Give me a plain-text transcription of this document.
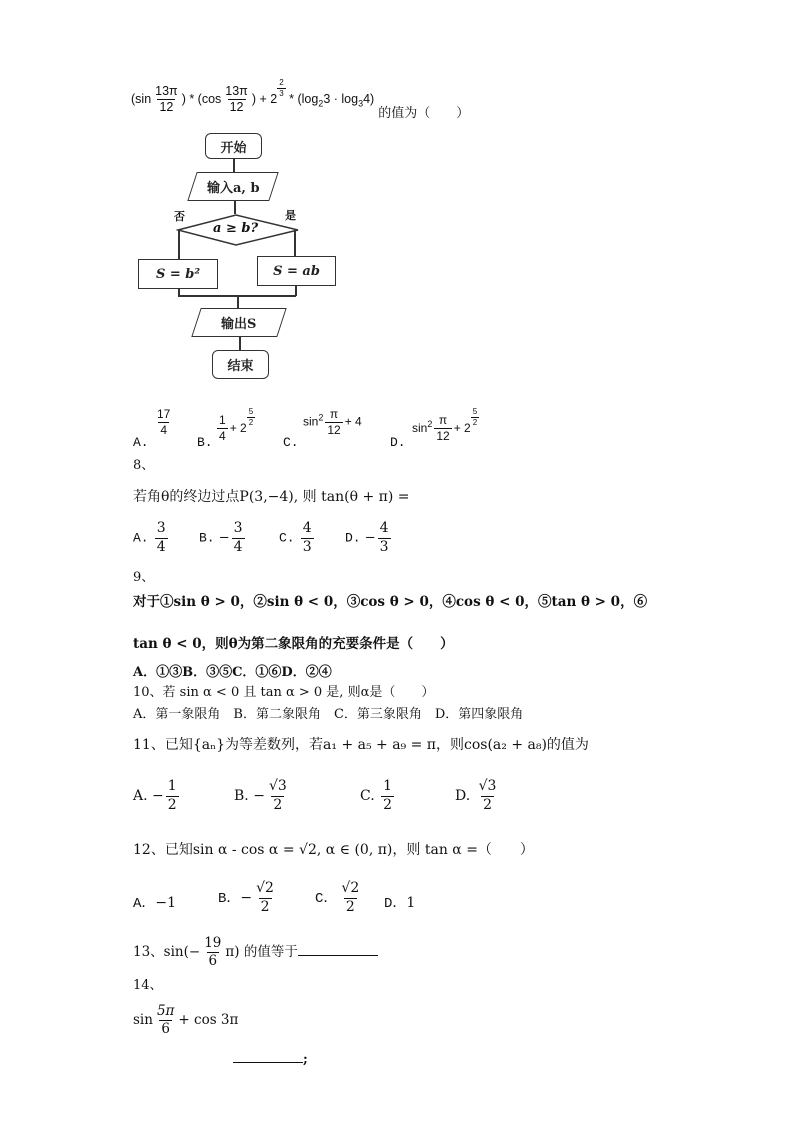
($\sin \frac{13\pi}{12}$ ) * ($\cos \frac{13\pi}{12}$ ) + $2 \frac{2}{3} * (\log_23 \cdot \log_34)$的值为（　　）
开始
输入a, b
a ≥ b?
否	是
S = b²	S = ab
输出S
结束
A.
$\frac{17}{4}$
B. $\frac{1}{4} + 2 \frac{5}{2}$
C.
$\sin^2 \frac{\pi}{12} + 4$
D.
$\sin^2 \frac{\pi}{12} + 2 \frac{5}{2}$
8、
若角θ的终边过点P(3,−4), 则 tan(θ + π) =
A. $\frac{3}{4} B$. − $\frac{3}{4}$	C. $\frac{4}{3} D$. − $\frac{4}{3}$
9、
对于①sin θ > 0，②sin θ < 0，③cos θ > 0，④cos θ < 0，⑤tan θ > 0，⑥
tan θ < 0，则θ为第二象限角的充要条件是（　　）
A．①③B．③⑤C．①⑥D．②④
10、若 sin α < 0 且 tan α > 0 是, 则α是（　　）
A．第一象限角　B．第二象限角　C．第三象限角　D．第四象限角
11、已知{aₙ}为等差数列，若a₁ + a₅ + a₉ = π，则cos(a₂ + a₈)的值为
A. − $\frac{1}{2}$	B. − $\frac{√3}{2}$	C. $\frac{1}{2}$	D. $\frac{√3}{2}$
12、已知sin α - cos α = √2, α ∈ (0, π)，则 tan α =（　　）
A．−1	B．− $\frac{√2}{2}$	C． $\frac{√2}{2}$ D．1
13、$\sin(- \frac{19}{6} \pi)$ 的值等于
14、
$\sin \frac{5\pi}{6} + \cos 3\pi$
;
